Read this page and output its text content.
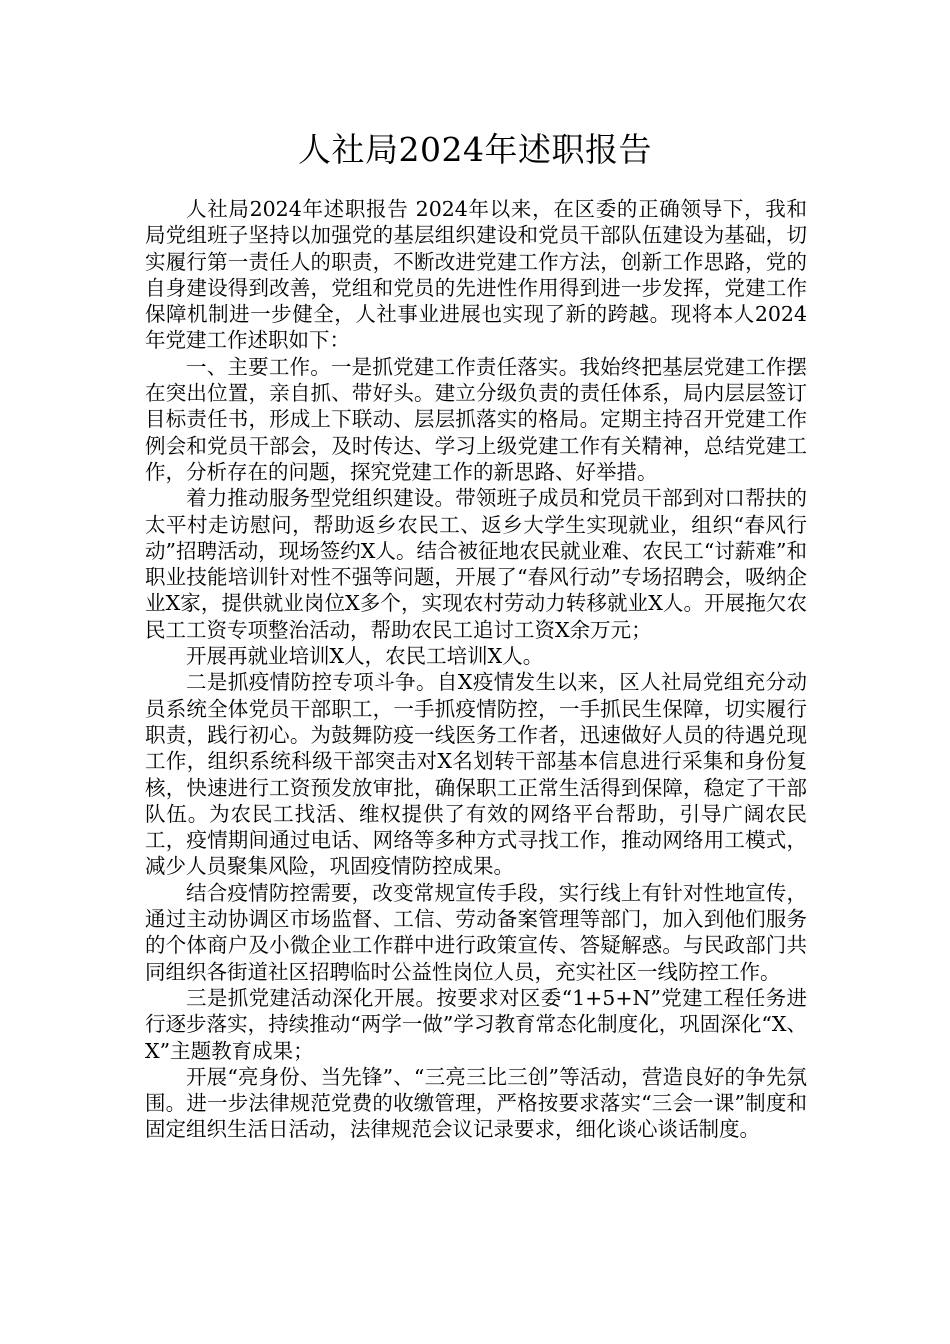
人社局2024年述职报告

人社局2024年述职报告 2024年以来，在区委的正确领导下，我和局党组班子坚持以加强党的基层组织建设和党员干部队伍建设为基础，切实履行第一责任人的职责，不断改进党建工作方法，创新工作思路，党的自身建设得到改善，党组和党员的先进性作用得到进一步发挥，党建工作保障机制进一步健全，人社事业进展也实现了新的跨越。现将本人2024年党建工作述职如下：

一、主要工作。一是抓党建工作责任落实。我始终把基层党建工作摆在突出位置，亲自抓、带好头。建立分级负责的责任体系，局内层层签订目标责任书，形成上下联动、层层抓落实的格局。定期主持召开党建工作例会和党员干部会，及时传达、学习上级党建工作有关精神，总结党建工作，分析存在的问题，探究党建工作的新思路、好举措。

着力推动服务型党组织建设。带领班子成员和党员干部到对口帮扶的太平村走访慰问，帮助返乡农民工、返乡大学生实现就业，组织“春风行动”招聘活动，现场签约X人。结合被征地农民就业难、农民工“讨薪难”和职业技能培训针对性不强等问题，开展了“春风行动”专场招聘会，吸纳企业X家，提供就业岗位X多个，实现农村劳动力转移就业X人。开展拖欠农民工工资专项整治活动，帮助农民工追讨工资X余万元；

开展再就业培训X人，农民工培训X人。

二是抓疫情防控专项斗争。自X疫情发生以来，区人社局党组充分动员系统全体党员干部职工，一手抓疫情防控，一手抓民生保障，切实履行职责，践行初心。为鼓舞防疫一线医务工作者，迅速做好人员的待遇兑现工作，组织系统科级干部突击对X名划转干部基本信息进行采集和身份复核，快速进行工资预发放审批，确保职工正常生活得到保障，稳定了干部队伍。为农民工找活、维权提供了有效的网络平台帮助，引导广阔农民工，疫情期间通过电话、网络等多种方式寻找工作，推动网络用工模式，减少人员聚集风险，巩固疫情防控成果。

结合疫情防控需要，改变常规宣传手段，实行线上有针对性地宣传，通过主动协调区市场监督、工信、劳动备案管理等部门，加入到他们服务的个体商户及小微企业工作群中进行政策宣传、答疑解惑。与民政部门共同组织各街道社区招聘临时公益性岗位人员，充实社区一线防控工作。

三是抓党建活动深化开展。按要求对区委“1+5+N”党建工程任务进行逐步落实，持续推动“两学一做”学习教育常态化制度化，巩固深化“X、X”主题教育成果；

开展“亮身份、当先锋”、“三亮三比三创”等活动，营造良好的争先氛围。进一步法律规范党费的收缴管理，严格按要求落实“三会一课”制度和固定组织生活日活动，法律规范会议记录要求，细化谈心谈话制度。
